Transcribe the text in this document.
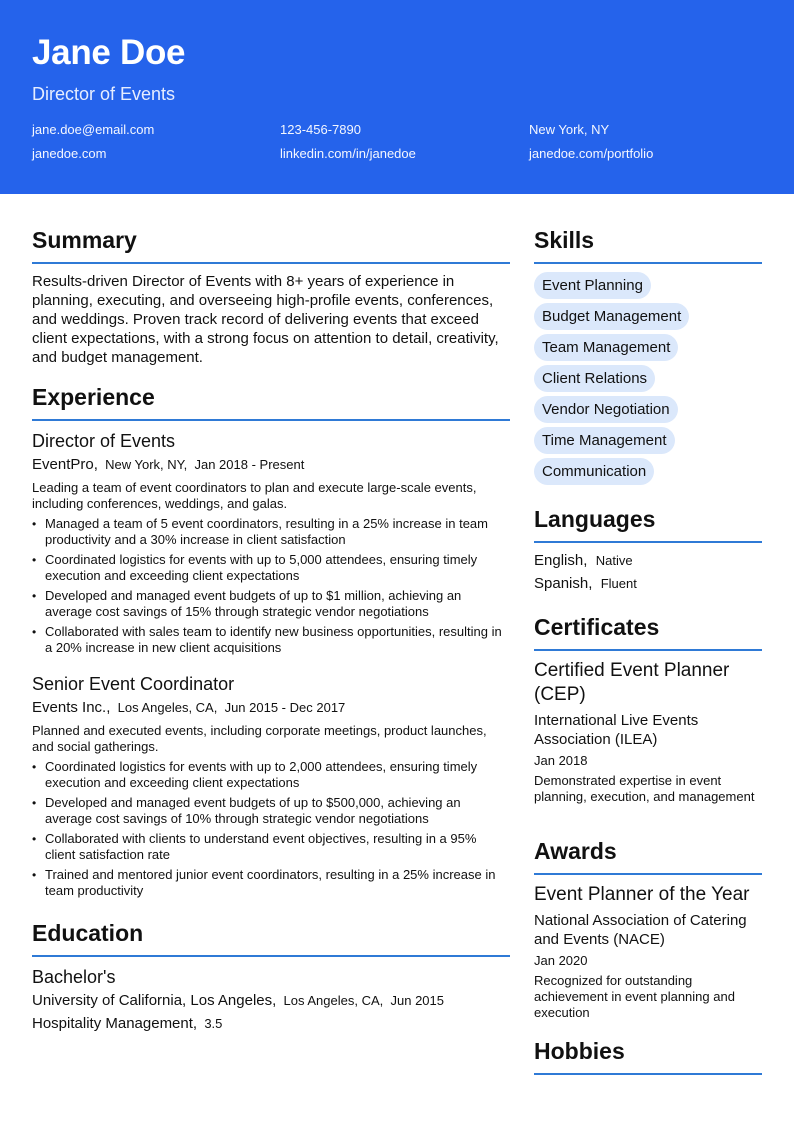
Jane Doe
Director of Events
jane.doe@email.com	123-456-7890	New York, NY
janedoe.com	linkedin.com/in/janedoe	janedoe.com/portfolio
Summary
Results-driven Director of Events with 8+ years of experience in planning, executing, and overseeing high-profile events, conferences, and weddings. Proven track record of delivering events that exceed client expectations, with a strong focus on attention to detail, creativity, and budget management.
Experience
Director of Events
EventPro, New York, NY, Jan 2018 - Present
Leading a team of event coordinators to plan and execute large-scale events, including conferences, weddings, and galas.
• Managed a team of 5 event coordinators, resulting in a 25% increase in team productivity and a 30% increase in client satisfaction
• Coordinated logistics for events with up to 5,000 attendees, ensuring timely execution and exceeding client expectations
• Developed and managed event budgets of up to $1 million, achieving an average cost savings of 15% through strategic vendor negotiations
• Collaborated with sales team to identify new business opportunities, resulting in a 20% increase in new client acquisitions
Senior Event Coordinator
Events Inc., Los Angeles, CA, Jun 2015 - Dec 2017
Planned and executed events, including corporate meetings, product launches, and social gatherings.
• Coordinated logistics for events with up to 2,000 attendees, ensuring timely execution and exceeding client expectations
• Developed and managed event budgets of up to $500,000, achieving an average cost savings of 10% through strategic vendor negotiations
• Collaborated with clients to understand event objectives, resulting in a 95% client satisfaction rate
• Trained and mentored junior event coordinators, resulting in a 25% increase in team productivity
Education
Bachelor's
University of California, Los Angeles, Los Angeles, CA, Jun 2015
Hospitality Management, 3.5
Skills
Event Planning
Budget Management
Team Management
Client Relations
Vendor Negotiation
Time Management
Communication
Languages
English, Native
Spanish, Fluent
Certificates
Certified Event Planner (CEP)
International Live Events Association (ILEA)
Jan 2018
Demonstrated expertise in event planning, execution, and management
Awards
Event Planner of the Year
National Association of Catering and Events (NACE)
Jan 2020
Recognized for outstanding achievement in event planning and execution
Hobbies
